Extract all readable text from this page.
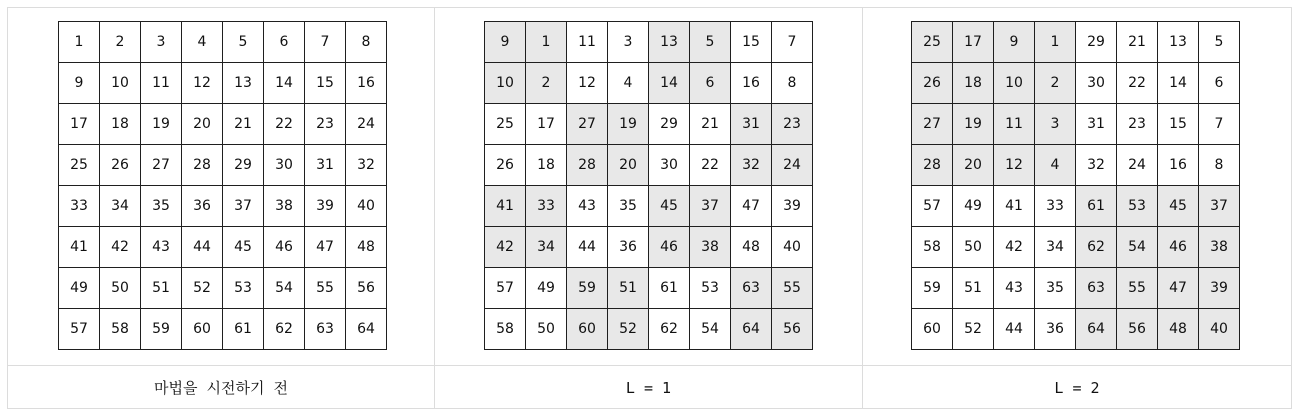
1	2	3	4	5	6	7	8
9	10	11	12	13	14	15	16
17	18	19	20	21	22	23	24
25	26	27	28	29	30	31	32
33	34	35	36	37	38	39	40
41	42	43	44	45	46	47	48
49	50	51	52	53	54	55	56
57	58	59	60	61	62	63	64
9	1	11	3	13	5	15	7
10	2	12	4	14	6	16	8
25	17	27	19	29	21	31	23
26	18	28	20	30	22	32	24
41	33	43	35	45	37	47	39
42	34	44	36	46	38	48	40
57	49	59	51	61	53	63	55
58	50	60	52	62	54	64	56
25	17	9	1	29	21	13	5
26	18	10	2	30	22	14	6
27	19	11	3	31	23	15	7
28	20	12	4	32	24	16	8
57	49	41	33	61	53	45	37
58	50	42	34	62	54	46	38
59	51	43	35	63	55	47	39
60	52	44	36	64	56	48	40
마법을 시전하기 전	L = 1	L = 2
